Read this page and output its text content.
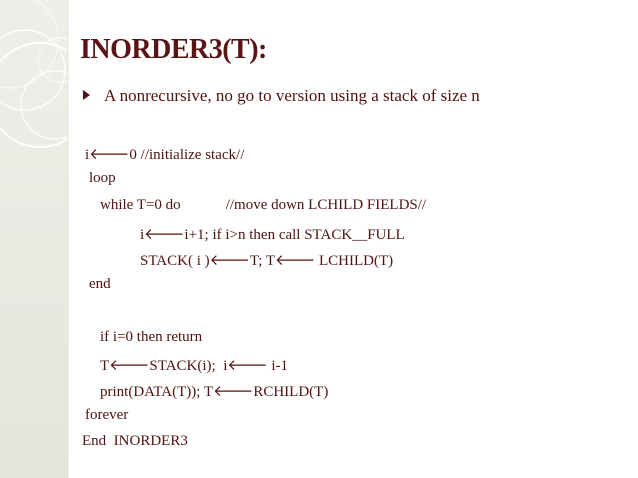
INORDER3(T):
A nonrecursive, no go to version using a stack of size n
i🡐0 //initialize stack//
loop
while T=0 do            //move down LCHILD FIELDS//
i🡐i+1; if i>n then call STACK__FULL
STACK( i )🡐T; T🡐 LCHILD(T)
end
if i=0 then return
T🡐STACK(i);  i🡐 i-1
print(DATA(T)); T🡐RCHILD(T)
forever
End  INORDER3
